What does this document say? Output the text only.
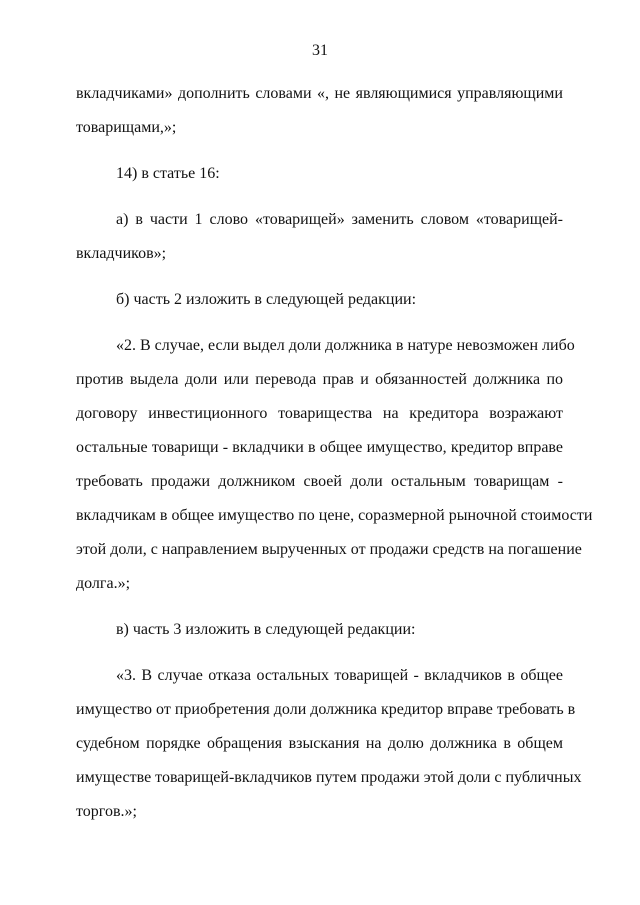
31
вкладчиками» дополнить словами «, не являющимися управляющими
товарищами,»;
14) в статье 16:
а) в части 1 слово «товарищей» заменить словом «товарищей-
вкладчиков»;
б) часть 2 изложить в следующей редакции:
«2. В случае, если выдел доли должника в натуре невозможен либо
против выдела доли или перевода прав и обязанностей должника по
договору инвестиционного товарищества на кредитора возражают
остальные товарищи - вкладчики в общее имущество, кредитор вправе
требовать продажи должником своей доли остальным товарищам -
вкладчикам в общее имущество по цене, соразмерной рыночной стоимости
этой доли, с направлением вырученных от продажи средств на погашение
долга.»;
в) часть 3 изложить в следующей редакции:
«3. В случае отказа остальных товарищей - вкладчиков в общее
имущество от приобретения доли должника кредитор вправе требовать в
судебном порядке обращения взыскания на долю должника в общем
имуществе товарищей-вкладчиков путем продажи этой доли с публичных
торгов.»;
